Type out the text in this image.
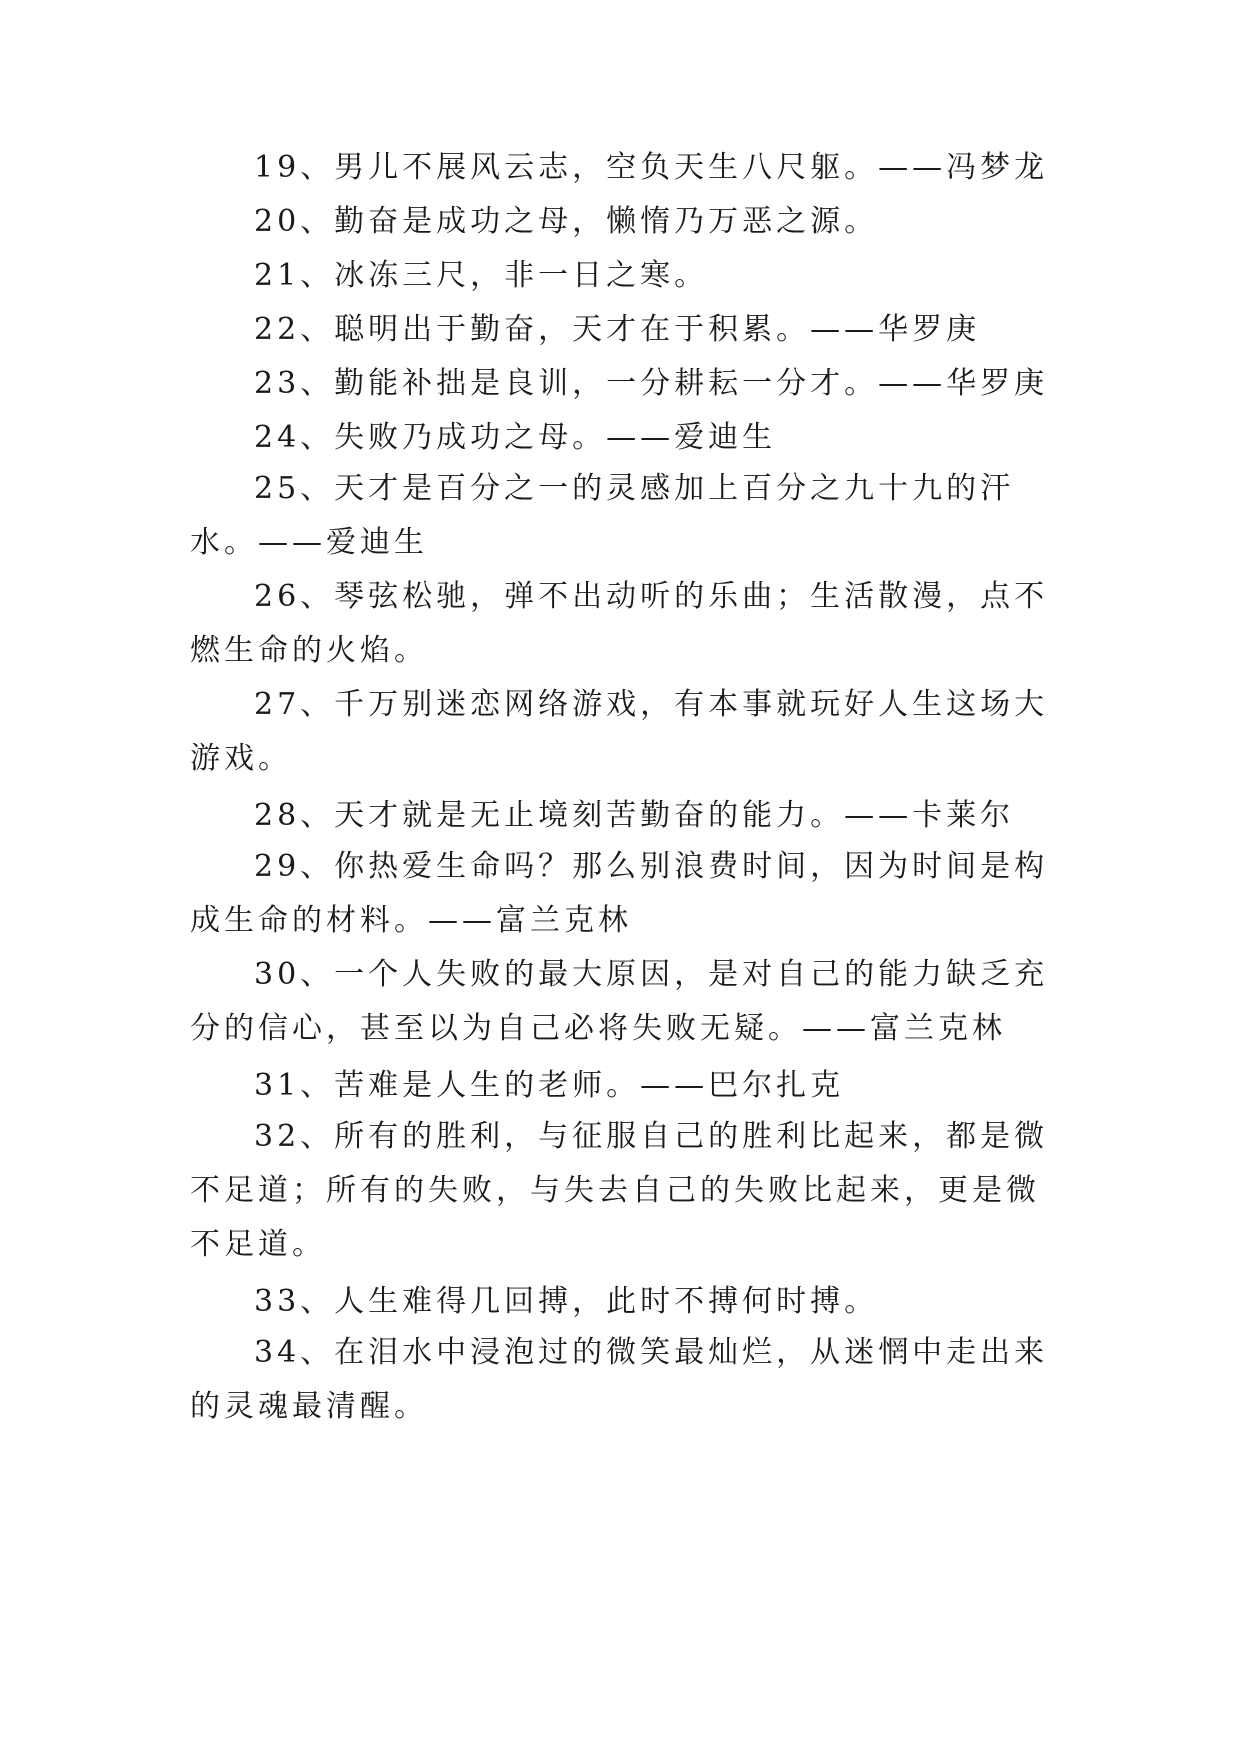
19、男儿不展风云志，空负天生八尺躯。——冯梦龙

20、勤奋是成功之母，懒惰乃万恶之源。

21、冰冻三尺，非一日之寒。

22、聪明出于勤奋，天才在于积累。——华罗庚

23、勤能补拙是良训，一分耕耘一分才。——华罗庚

24、失败乃成功之母。——爱迪生

25、天才是百分之一的灵感加上百分之九十九的汗水。——爱迪生

26、琴弦松驰，弹不出动听的乐曲；生活散漫，点不燃生命的火焰。

27、千万别迷恋网络游戏，有本事就玩好人生这场大游戏。

28、天才就是无止境刻苦勤奋的能力。——卡莱尔

29、你热爱生命吗？那么别浪费时间，因为时间是构成生命的材料。——富兰克林

30、一个人失败的最大原因，是对自己的能力缺乏充分的信心，甚至以为自己必将失败无疑。——富兰克林

31、苦难是人生的老师。——巴尔扎克

32、所有的胜利，与征服自己的胜利比起来，都是微不足道；所有的失败，与失去自己的失败比起来，更是微不足道。

33、人生难得几回搏，此时不搏何时搏。

34、在泪水中浸泡过的微笑最灿烂，从迷惘中走出来的灵魂最清醒。
